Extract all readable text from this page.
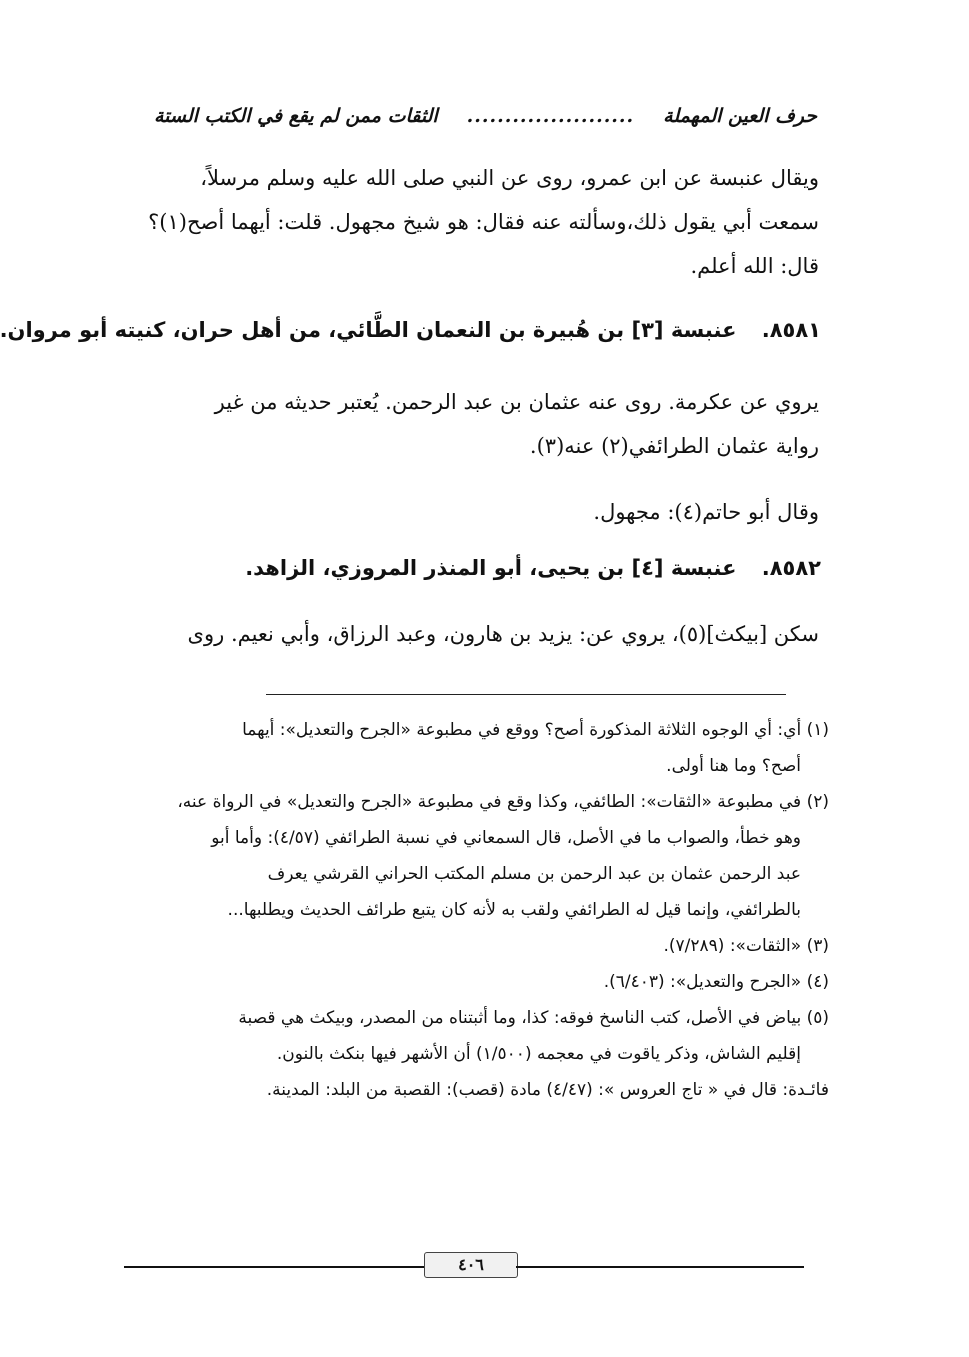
حرف العين المهملة
......................
الثقات ممن لم يقع في الكتب الستة
ويقال عنبسة عن ابن عمرو، روى عن النبي صلى الله عليه وسلم مرسلاً،
سمعت أبي يقول ذلك،وسألته عنه فقال: هو شيخ مجهول. قلت: أيهما أصح(١)؟
قال: الله أعلم.
٨٥٨١. عنبسة [٣] بن هُبيرة بن النعمان الطَّائي، من أهل حران، كنيته أبو مروان.
يروي عن عكرمة. روى عنه عثمان بن عبد الرحمن. يُعتبر حديثه من غير
رواية عثمان الطرائفي(٢) عنه(٣).
وقال أبو حاتم(٤): مجهول.
٨٥٨٢. عنبسة [٤] بن يحيى، أبو المنذر المروزي، الزاهد.
سكن [بيكث](٥)، يروي عن: يزيد بن هارون، وعبد الرزاق، وأبي نعيم. روى
(١) أي: أي الوجوه الثلاثة المذكورة أصح؟ ووقع في مطبوعة «الجرح والتعديل»: أيهما
أصح؟ وما هنا أولى.
(٢) في مطبوعة «الثقات»: الطائفي، وكذا وقع في مطبوعة «الجرح والتعديل» في الرواة عنه،
وهو خطأ، والصواب ما في الأصل، قال السمعاني في نسبة الطرائفي (٤/٥٧): وأما أبو
عبد الرحمن عثمان بن عبد الرحمن بن مسلم المكتب الحراني القرشي يعرف
بالطرائفي، وإنما قيل له الطرائفي ولقب به لأنه كان يتبع طرائف الحديث ويطلبها...
(٣) «الثقات»: (٧/٢٨٩).
(٤) «الجرح والتعديل»: (٦/٤٠٣).
(٥) بياض في الأصل، كتب الناسخ فوقه: كذا، وما أثبتناه من المصدر، وبيكث هي قصبة
إقليم الشاش، وذكر ياقوت في معجمه (١/٥٠٠) أن الأشهر فيها بنكث بالنون.
فائـدة: قال في « تاج العروس »: (٤/٤٧) مادة (قصب): القصبة من البلد: المدينة.
٤٠٦
